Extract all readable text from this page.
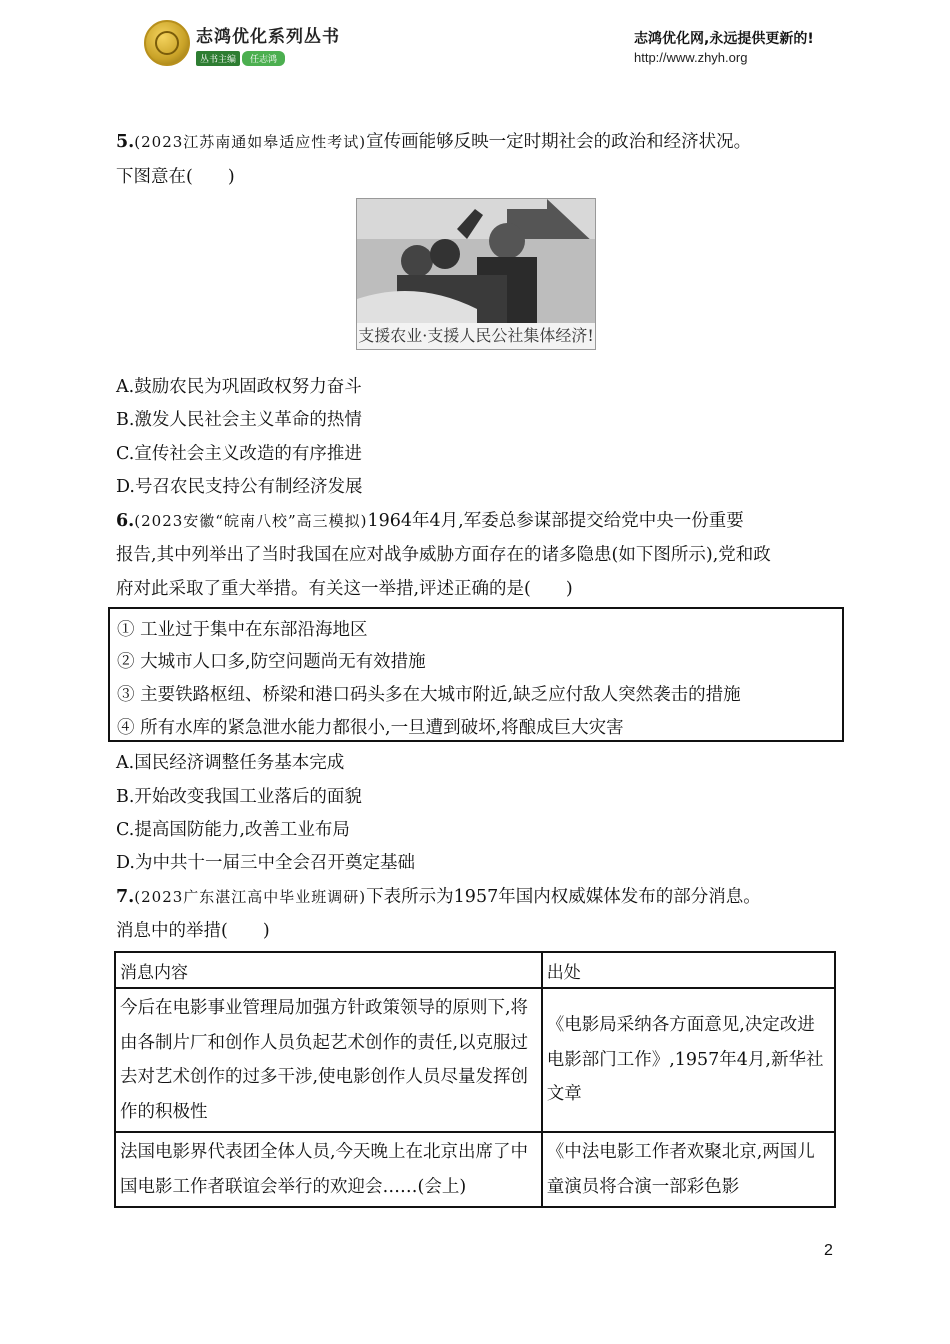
志鸿优化系列丛书
丛书主编 任志鸿
志鸿优化网,永远提供更新的!
http://www.zhyh.org
5.(2023江苏南通如皋适应性考试)宣传画能够反映一定时期社会的政治和经济状况。
下图意在(　　)
支援农业·支援人民公社集体经济!
A.鼓励农民为巩固政权努力奋斗
B.激发人民社会主义革命的热情
C.宣传社会主义改造的有序推进
D.号召农民支持公有制经济发展
6.(2023安徽“皖南八校”高三模拟)1964年4月,军委总参谋部提交给党中央一份重要
报告,其中列举出了当时我国在应对战争威胁方面存在的诸多隐患(如下图所示),党和政
府对此采取了重大举措。有关这一举措,评述正确的是(　　)
① 工业过于集中在东部沿海地区
② 大城市人口多,防空问题尚无有效措施
③ 主要铁路枢纽、桥梁和港口码头多在大城市附近,缺乏应付敌人突然袭击的措施
④ 所有水库的紧急泄水能力都很小,一旦遭到破坏,将酿成巨大灾害
A.国民经济调整任务基本完成
B.开始改变我国工业落后的面貌
C.提高国防能力,改善工业布局
D.为中共十一届三中全会召开奠定基础
7.(2023广东湛江高中毕业班调研)下表所示为1957年国内权威媒体发布的部分消息。
消息中的举措(　　)
消息内容	出处

今后在电影事业管理局加强方针政策领导的原则下,将由各制片厂和创作人员负起艺术创作的责任,以克服过去对艺术创作的过多干涉,使电影创作人员尽量发挥创作的积极性	《电影局采纳各方面意见,决定改进电影部门工作》,1957年4月,新华社文章

法国电影界代表团全体人员,今天晚上在北京出席了中国电影工作者联谊会举行的欢迎会……(会上)	《中法电影工作者欢聚北京,两国儿童演员将合演一部彩色影
2
